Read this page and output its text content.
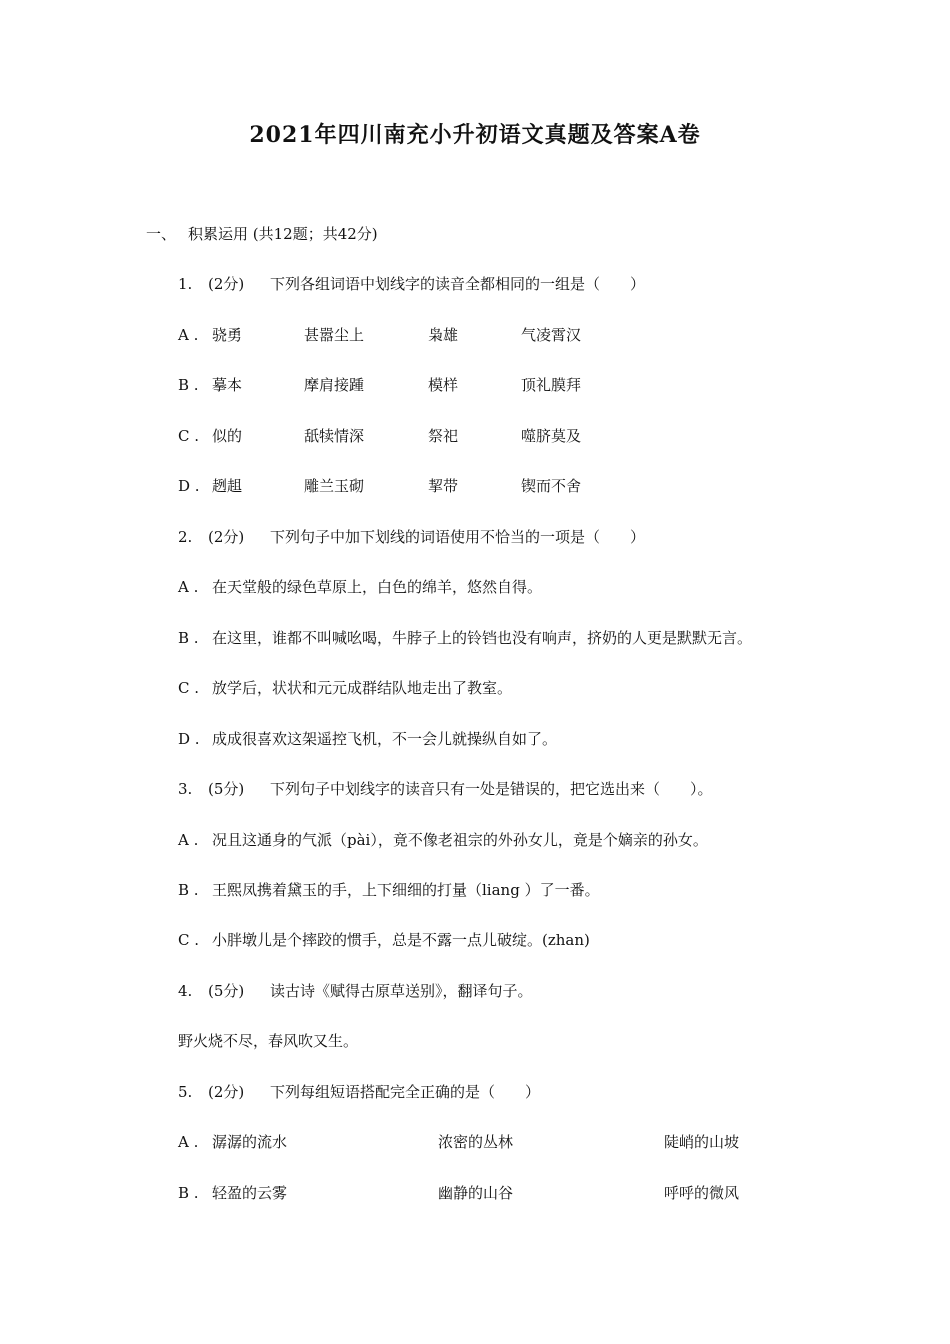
2021年四川南充小升初语文真题及答案A卷
一、 积累运用 (共12题；共42分)
1. (2分) 下列各组词语中划线字的读音全都相同的一组是（　　）
A . 骁勇	甚嚣尘上	枭雄	气凌霄汉
B . 摹本	摩肩接踵	模样	顶礼膜拜
C . 似的	舐犊情深	祭祀	噬脐莫及
D . 趔趄	雕兰玉砌	挈带	锲而不舍
2. (2分) 下列句子中加下划线的词语使用不恰当的一项是（　　）
A . 在天堂般的绿色草原上，白色的绵羊，悠然自得。
B . 在这里，谁都不叫喊吆喝，牛脖子上的铃铛也没有响声，挤奶的人更是默默无言。
C . 放学后，状状和元元成群结队地走出了教室。
D . 成成很喜欢这架遥控飞机，不一会儿就操纵自如了。
3. (5分) 下列句子中划线字的读音只有一处是错误的，把它选出来（　　）。
A . 况且这通身的气派（pài），竟不像老祖宗的外孙女儿，竟是个嫡亲的孙女。
B . 王熙凤携着黛玉的手，上下细细的打量（liang ）了一番。
C . 小胖墩儿是个摔跤的惯手，总是不露一点儿破绽。(zhan)
4. (5分) 读古诗《赋得古原草送别》，翻译句子。
野火烧不尽，春风吹又生。
5. (2分) 下列每组短语搭配完全正确的是（　　）
A . 潺潺的流水	浓密的丛林	陡峭的山坡
B . 轻盈的云雾	幽静的山谷	呼呼的微风
